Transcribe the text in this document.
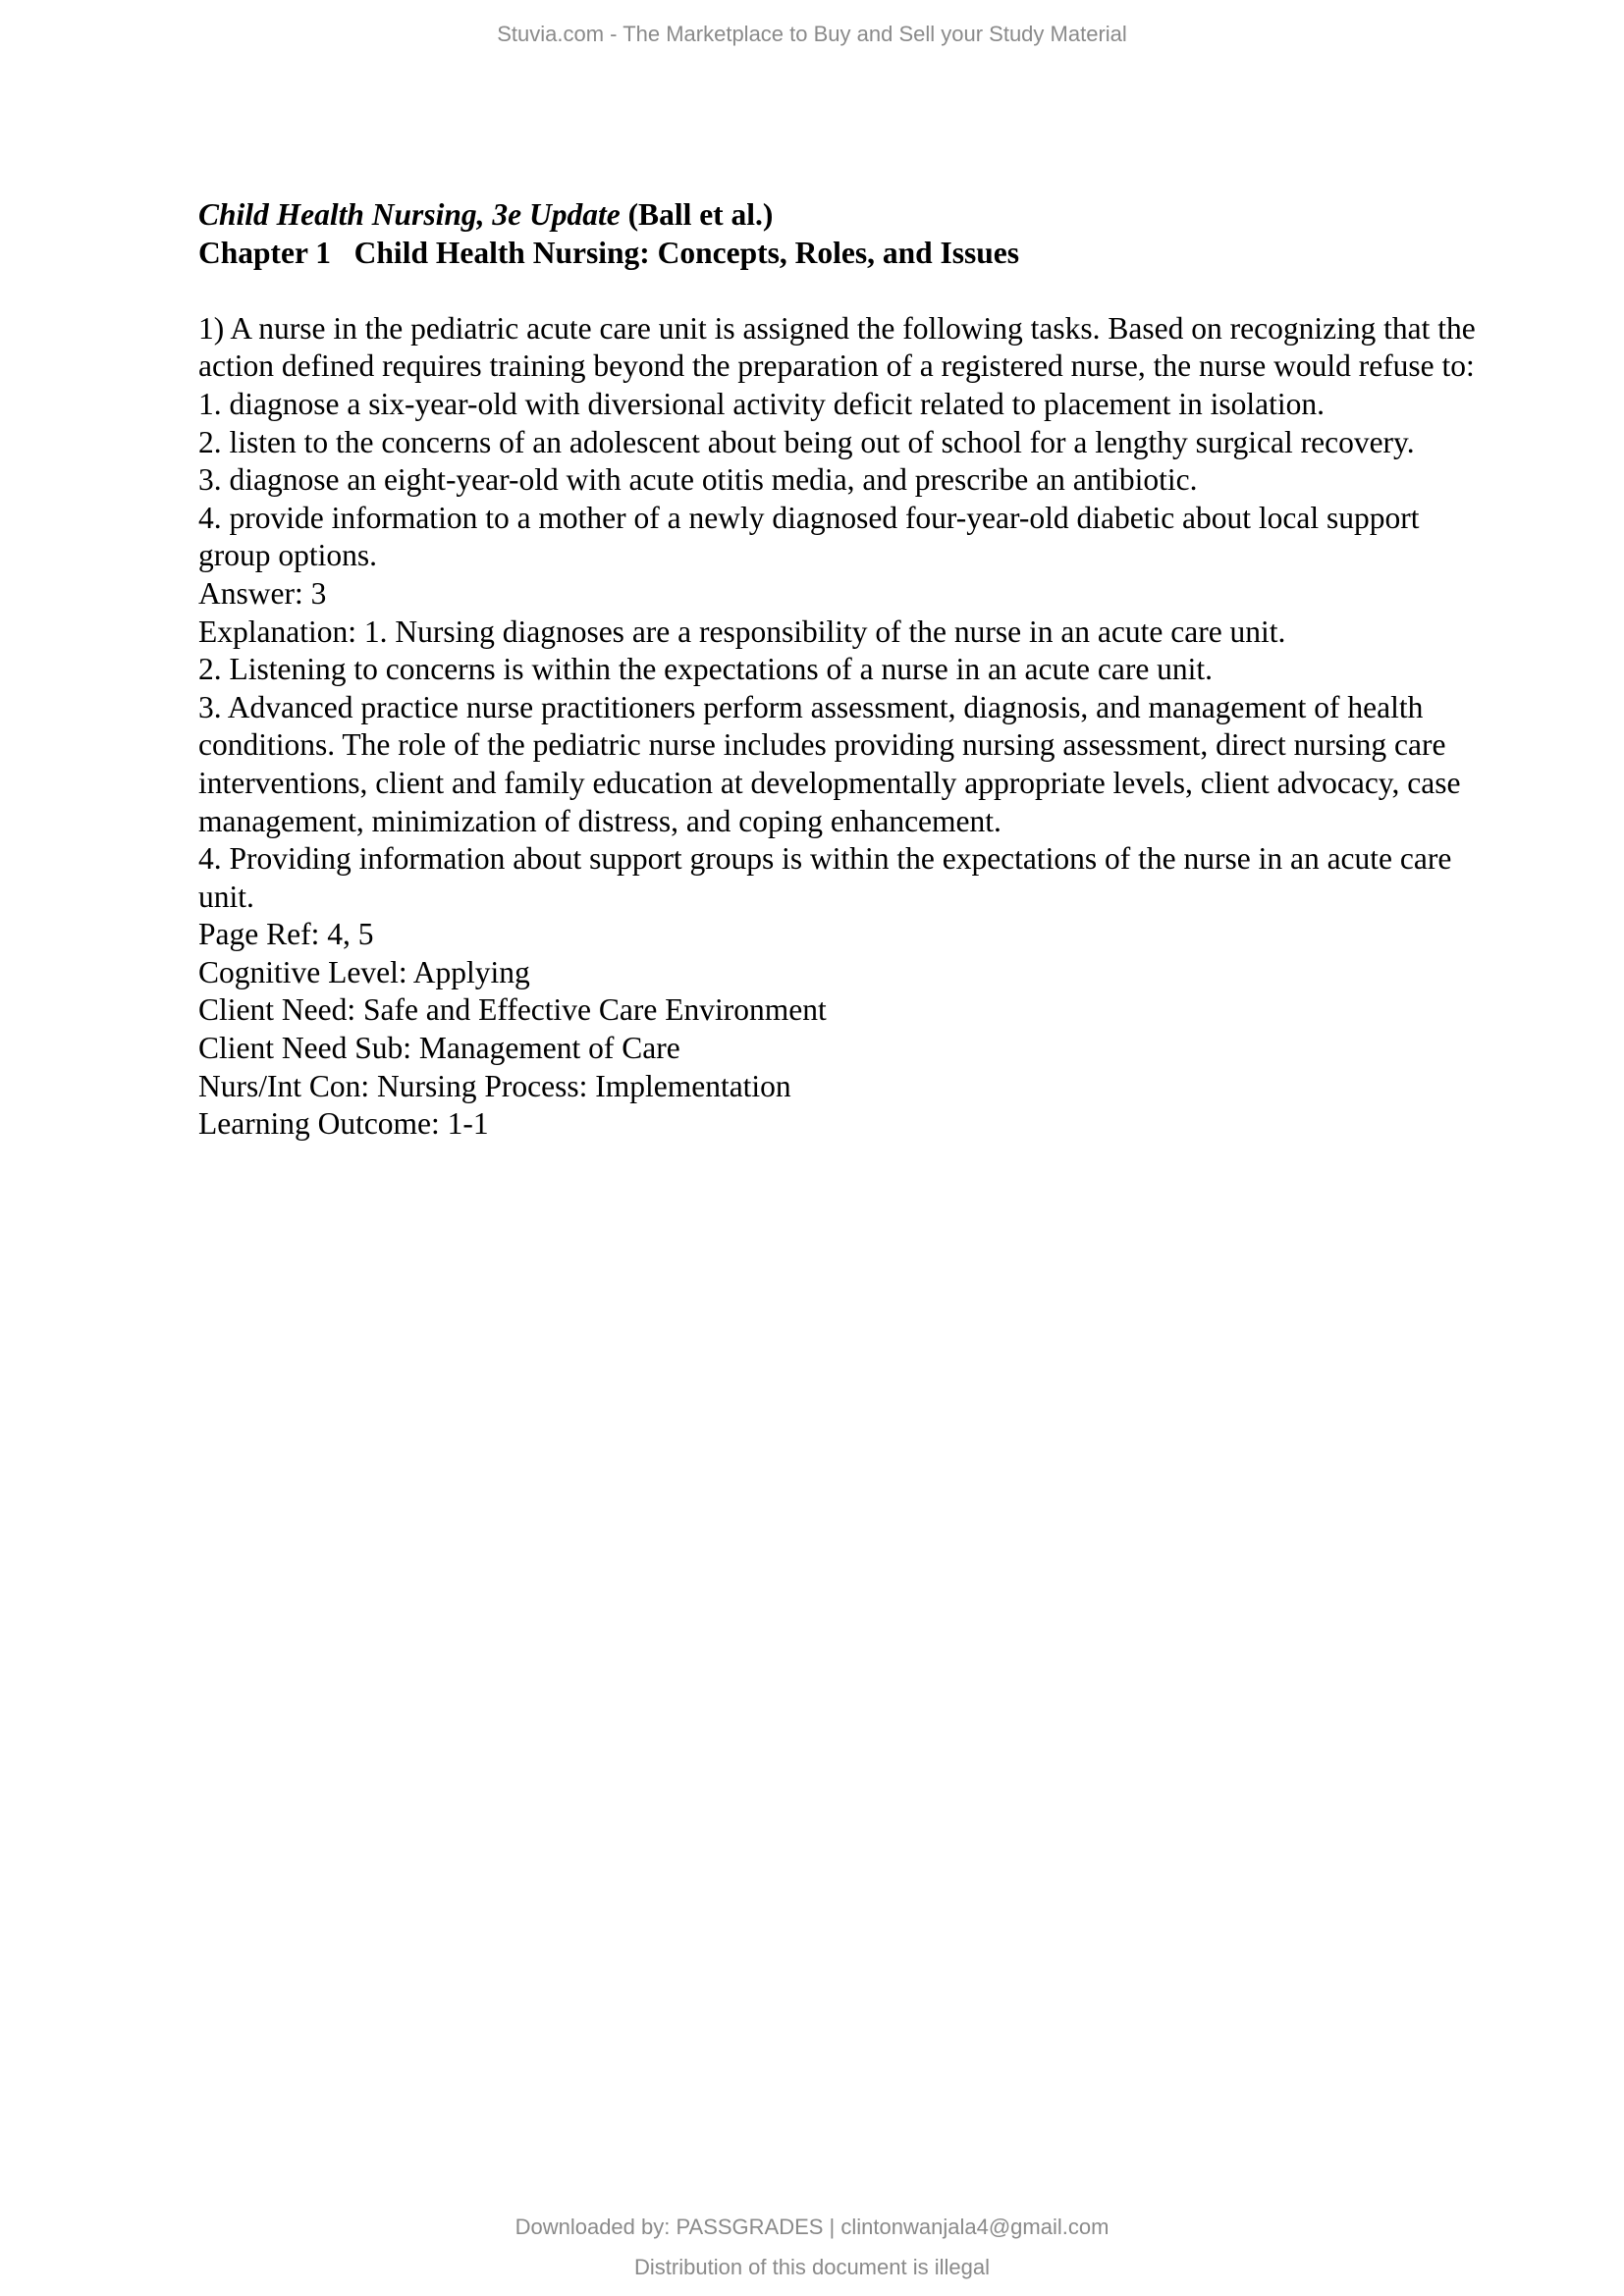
Stuvia.com - The Marketplace to Buy and Sell your Study Material

Child Health Nursing, 3e Update (Ball et al.)

Chapter 1   Child Health Nursing: Concepts, Roles, and Issues

1) A nurse in the pediatric acute care unit is assigned the following tasks. Based on recognizing that the action defined requires training beyond the preparation of a registered nurse, the nurse would refuse to:

1. diagnose a six-year-old with diversional activity deficit related to placement in isolation.

2. listen to the concerns of an adolescent about being out of school for a lengthy surgical recovery.

3. diagnose an eight-year-old with acute otitis media, and prescribe an antibiotic.

4. provide information to a mother of a newly diagnosed four-year-old diabetic about local support group options.

Answer: 3

Explanation: 1. Nursing diagnoses are a responsibility of the nurse in an acute care unit.

2. Listening to concerns is within the expectations of a nurse in an acute care unit.

3. Advanced practice nurse practitioners perform assessment, diagnosis, and management of health conditions. The role of the pediatric nurse includes providing nursing assessment, direct nursing care interventions, client and family education at developmentally appropriate levels, client advocacy, case management, minimization of distress, and coping enhancement.

4. Providing information about support groups is within the expectations of the nurse in an acute care unit.

Page Ref: 4, 5

Cognitive Level: Applying

Client Need: Safe and Effective Care Environment

Client Need Sub: Management of Care

Nurs/Int Con: Nursing Process: Implementation

Learning Outcome: 1-1

Downloaded by: PASSGRADES | clintonwanjala4@gmail.com
Distribution of this document is illegal
